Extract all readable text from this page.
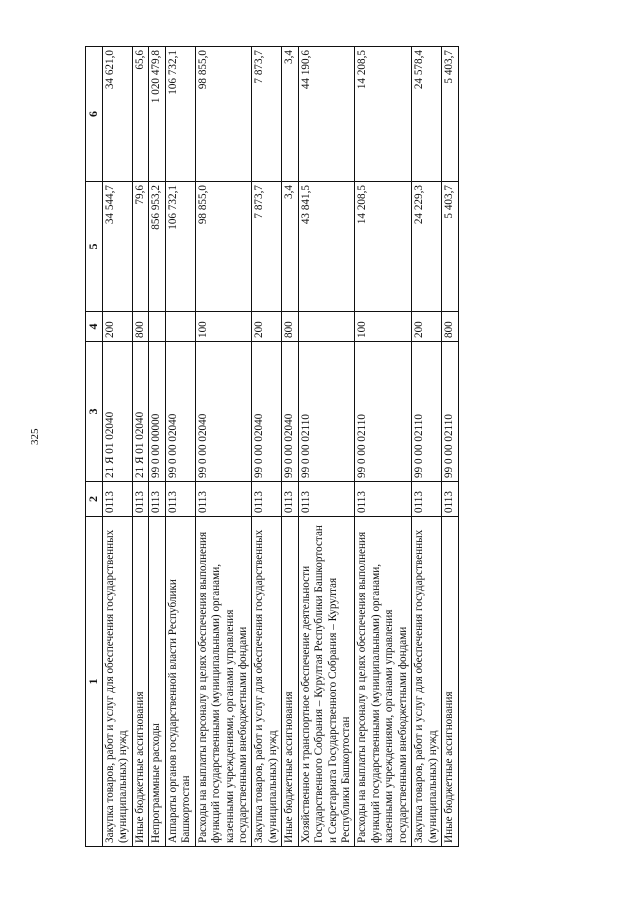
325
1	2	3	4	5	6
Закупка товаров, работ и услуг для обеспечения государственных (муниципальных) нужд	0113	21 Я 01 02040	200	34 544,7	34 621,0
Иные бюджетные ассигнования	0113	21 Я 01 02040	800	79,6	65,6
Непрограммные расходы	0113	99 0 00 00000		856 953,2	1 020 479,8
Аппараты органов государственной власти Республики Башкортостан	0113	99 0 00 02040		106 732,1	106 732,1
Расходы на выплаты персоналу в целях обеспечения выполнения функций государственными (муниципальными) органами, казенными учреждениями, органами управления государственными внебюджетными фондами	0113	99 0 00 02040	100	98 855,0	98 855,0
Закупка товаров, работ и услуг для обеспечения государственных (муниципальных) нужд	0113	99 0 00 02040	200	7 873,7	7 873,7
Иные бюджетные ассигнования	0113	99 0 00 02040	800	3,4	3,4
Хозяйственное и транспортное обеспечение деятельности Государственного Собрания – Курултая Республики Башкортостан и Секретариата Государственного Собрания – Курултая Республики Башкортостан	0113	99 0 00 02110		43 841,5	44 190,6
Расходы на выплаты персоналу в целях обеспечения выполнения функций государственными (муниципальными) органами, казенными учреждениями, органами управления государственными внебюджетными фондами	0113	99 0 00 02110	100	14 208,5	14 208,5
Закупка товаров, работ и услуг для обеспечения государственных (муниципальных) нужд	0113	99 0 00 02110	200	24 229,3	24 578,4
Иные бюджетные ассигнования	0113	99 0 00 02110	800	5 403,7	5 403,7
